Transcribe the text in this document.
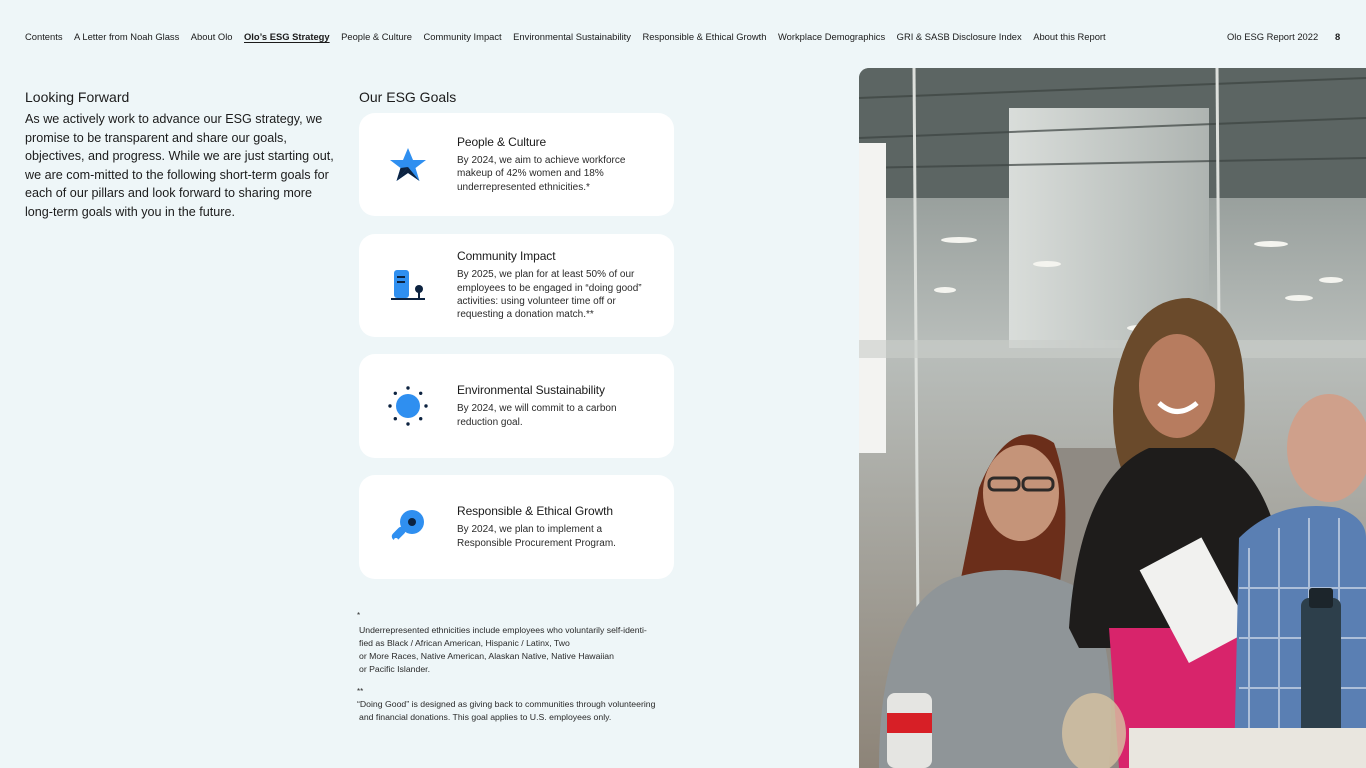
Contents A Letter from Noah Glass About Olo Olo’s ESG Strategy People & Culture Community Impact Environmental Sustainability Responsible & Ethical Growth Workplace Demographics GRI & SASB Disclosure Index About this Report	Olo ESG Report 2022 8
Looking Forward

As we actively work to advance our ESG strategy, we promise to be transparent and share our goals, objectives, and progress. While we are just starting out, we are com-mitted to the following short-term goals for each of our pillars and look forward to sharing more long-term goals with you in the future.

Our ESG Goals
People & Culture

By 2024, we aim to achieve workforce makeup of 42% women and 18% underrepresented ethnicities.*

Community Impact

By 2025, we plan for at least 50% of our employees to be engaged in “doing good” activities: using volunteer time off or requesting a donation match.**

Environmental Sustainability

By 2024, we will commit to a carbon reduction goal.

Responsible & Ethical Growth

By 2024, we plan to implement a Responsible Procurement Program.

*
Underrepresented ethnicities include employees who voluntarily self-identi-
fied as Black / African American, Hispanic / Latinx, Two
or More Races, Native American, Alaskan Native, Native Hawaiian
or Pacific Islander.
**
“Doing Good” is designed as giving back to communities through volunteering
and financial donations. This goal applies to U.S. employees only.
